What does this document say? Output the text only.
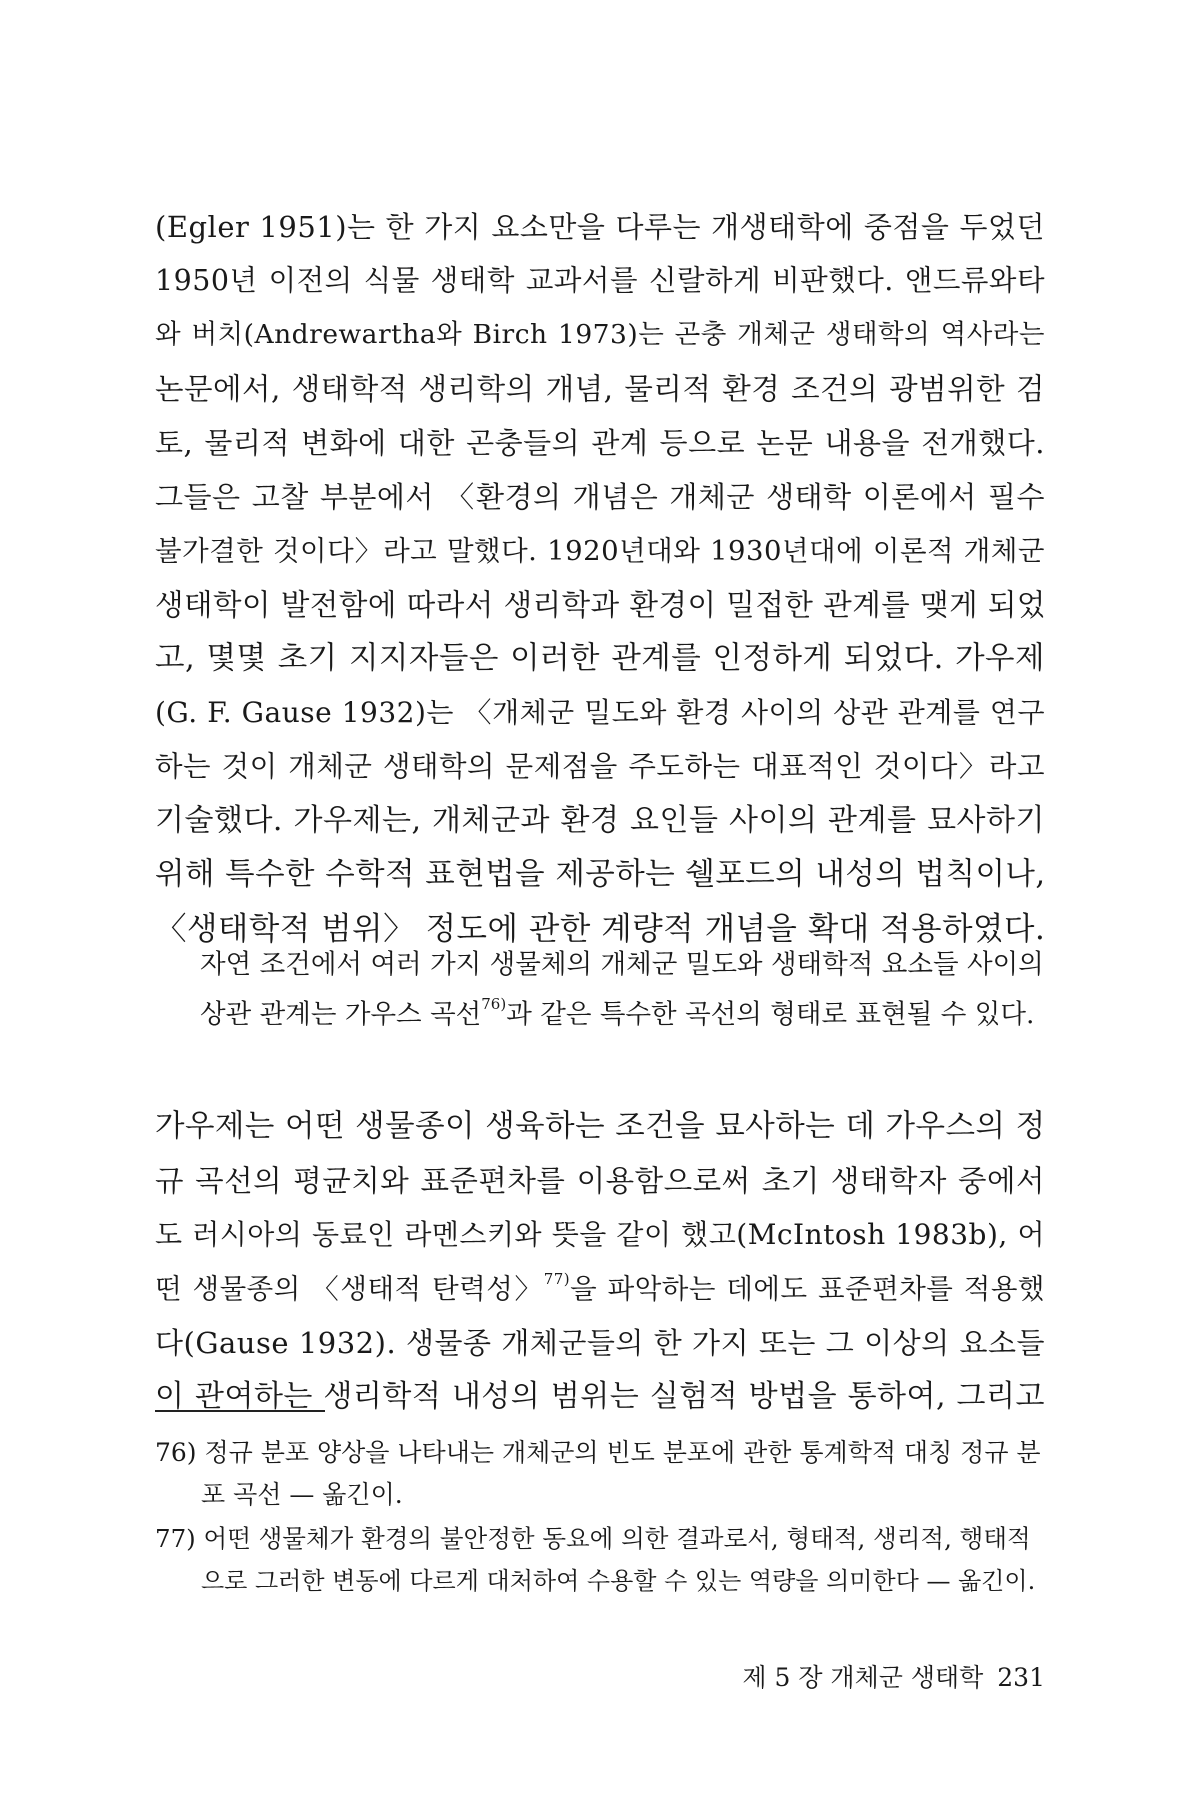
(Egler 1951)는 한 가지 요소만을 다루는 개생태학에 중점을 두었던
1950년 이전의 식물 생태학 교과서를 신랄하게 비판했다. 앤드류와타
와 버치(Andrewartha와 Birch 1973)는 곤충 개체군 생태학의 역사라는
논문에서, 생태학적 생리학의 개념, 물리적 환경 조건의 광범위한 검
토, 물리적 변화에 대한 곤충들의 관계 등으로 논문 내용을 전개했다.
그들은 고찰 부분에서 〈환경의 개념은 개체군 생태학 이론에서 필수
불가결한 것이다〉라고 말했다. 1920년대와 1930년대에 이론적 개체군
생태학이 발전함에 따라서 생리학과 환경이 밀접한 관계를 맺게 되었
고, 몇몇 초기 지지자들은 이러한 관계를 인정하게 되었다. 가우제
(G. F. Gause 1932)는 〈개체군 밀도와 환경 사이의 상관 관계를 연구
하는 것이 개체군 생태학의 문제점을 주도하는 대표적인 것이다〉라고
기술했다. 가우제는, 개체군과 환경 요인들 사이의 관계를 묘사하기
위해 특수한 수학적 표현법을 제공하는 쉘포드의 내성의 법칙이나,
〈생태학적 범위〉 정도에 관한 계량적 개념을 확대 적용하였다.
자연 조건에서 여러 가지 생물체의 개체군 밀도와 생태학적 요소들 사이의
상관 관계는 가우스 곡선$^{76)}$과 같은 특수한 곡선의 형태로 표현될 수 있다.
가우제는 어떤 생물종이 생육하는 조건을 묘사하는 데 가우스의 정
규 곡선의 평균치와 표준편차를 이용함으로써 초기 생태학자 중에서
도 러시아의 동료인 라멘스키와 뜻을 같이 했고(McIntosh 1983b), 어
떤 생물종의 〈생태적 탄력성〉$^{77)}$을 파악하는 데에도 표준편차를 적용했
다(Gause 1932). 생물종 개체군들의 한 가지 또는 그 이상의 요소들
이 관여하는 생리학적 내성의 범위는 실험적 방법을 통하여, 그리고
76) 정규 분포 양상을 나타내는 개체군의 빈도 분포에 관한 통계학적 대칭 정규 분
포 곡선 — 옮긴이.
77) 어떤 생물체가 환경의 불안정한 동요에 의한 결과로서, 형태적, 생리적, 행태적
으로 그러한 변동에 다르게 대처하여 수용할 수 있는 역량을 의미한다 — 옮긴이.
제 5 장 개체군 생태학 231
